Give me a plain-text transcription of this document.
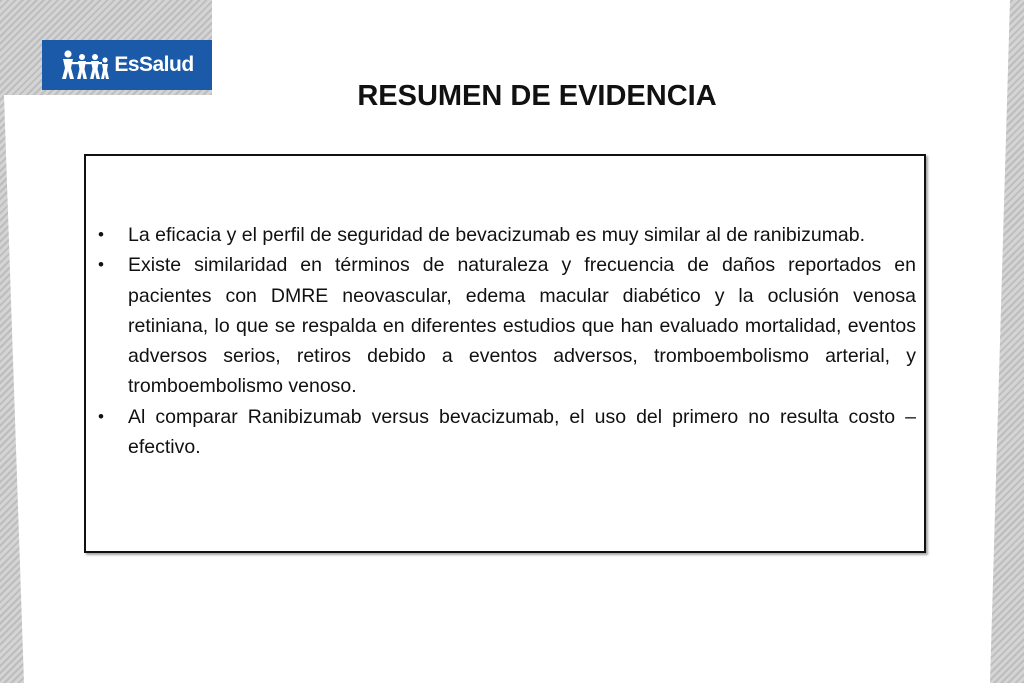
EsSalud
RESUMEN DE EVIDENCIA
• La eficacia y el perfil de seguridad de bevacizumab es muy similar al de ranibizumab.
• Existe similaridad en términos de naturaleza y frecuencia de daños reportados en pacientes con DMRE neovascular, edema macular diabético y la oclusión venosa retiniana, lo que se respalda en diferentes estudios que han evaluado mortalidad, eventos adversos serios, retiros debido a eventos adversos, tromboembolismo arterial, y tromboembolismo venoso.
• Al comparar Ranibizumab versus bevacizumab, el uso del primero no resulta costo – efectivo.
